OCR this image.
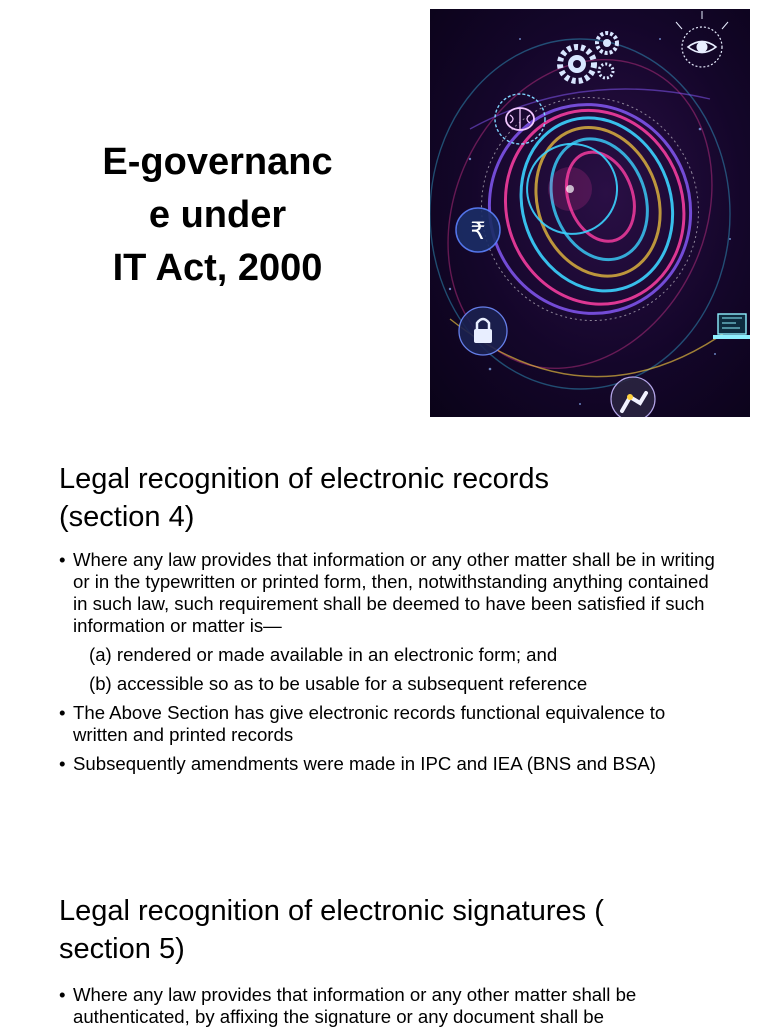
E-governanc
e under
IT Act, 2000
₹
Legal recognition of electronic records
(section 4)
• Where any law provides that information or any other matter shall be in writing or in the typewritten or printed form, then, notwithstanding anything contained in such law, such requirement shall be deemed to have been satisfied if such information or matter is—
(a) rendered or made available in an electronic form; and
(b) accessible so as to be usable for a subsequent reference
• The Above Section has give electronic records functional equivalence to written and printed records
• Subsequently amendments were made in IPC and IEA (BNS and BSA)
Legal recognition of electronic signatures (
section 5)
• Where any law provides that information or any other matter shall be authenticated, by affixing the signature or any document shall be
